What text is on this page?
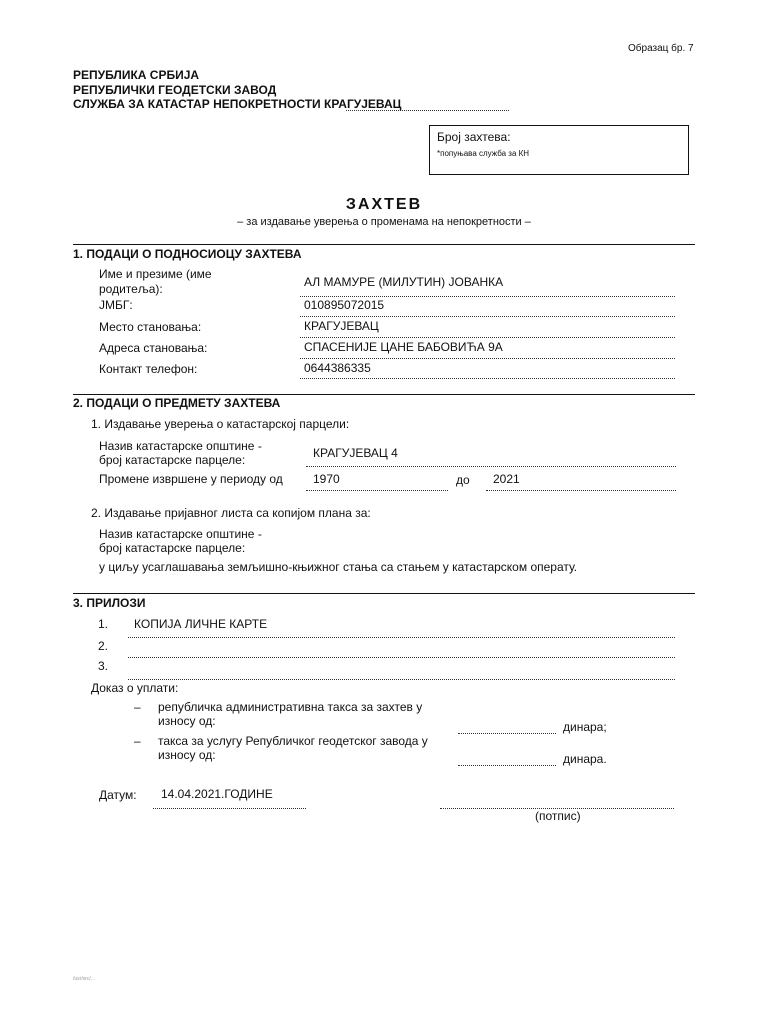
Образац бр. 7
РЕПУБЛИКА СРБИЈА
РЕПУБЛИЧКИ ГЕОДЕТСКИ ЗАВОД
СЛУЖБА ЗА КАТАСТАР НЕПОКРЕТНОСТИ КРАГУЈЕВАЦ
Број захтева:
*попуњава служба за КН
ЗАХТЕВ
– за издавање уверења о променама на непокретности –
1. ПОДАЦИ О ПОДНОСИОЦУ ЗАХТЕВА
Име и презиме (име
родитеља):	АЛ МАМУРЕ (МИЛУТИН) ЈОВАНКА
ЈМБГ:	010895072015
Место становања:	КРАГУЈЕВАЦ
Адреса становања:	СПАСЕНИЈЕ ЦАНЕ БАБОВИЋА 9А
Контакт телефон:	0644386335
2. ПОДАЦИ О ПРЕДМЕТУ ЗАХТЕВА
1. Издавање уверења о катастарској парцели:
Назив катастарске општине -
број катастарске парцеле:	КРАГУЈЕВАЦ 4
Промене извршене у периоду од	1970	до 2021
2. Издавање пријавног листа са копијом плана за:
Назив катастарске општине -
број катастарске парцеле:
у циљу усаглашавања земљишно-књижног стања са стањем у катастарском операту.
3. ПРИЛОЗИ
1. КОПИЈА ЛИЧНЕ КАРТЕ
2.
3.
Доказ о уплати:
– републичка административна такса за захтев у
износу од:	динара;
– такса за услугу Републичког геодетског завода у
износу од:	динара.
Датум: 14.04.2021.ГОДИНЕ
(потпис)
/usr/src/...
